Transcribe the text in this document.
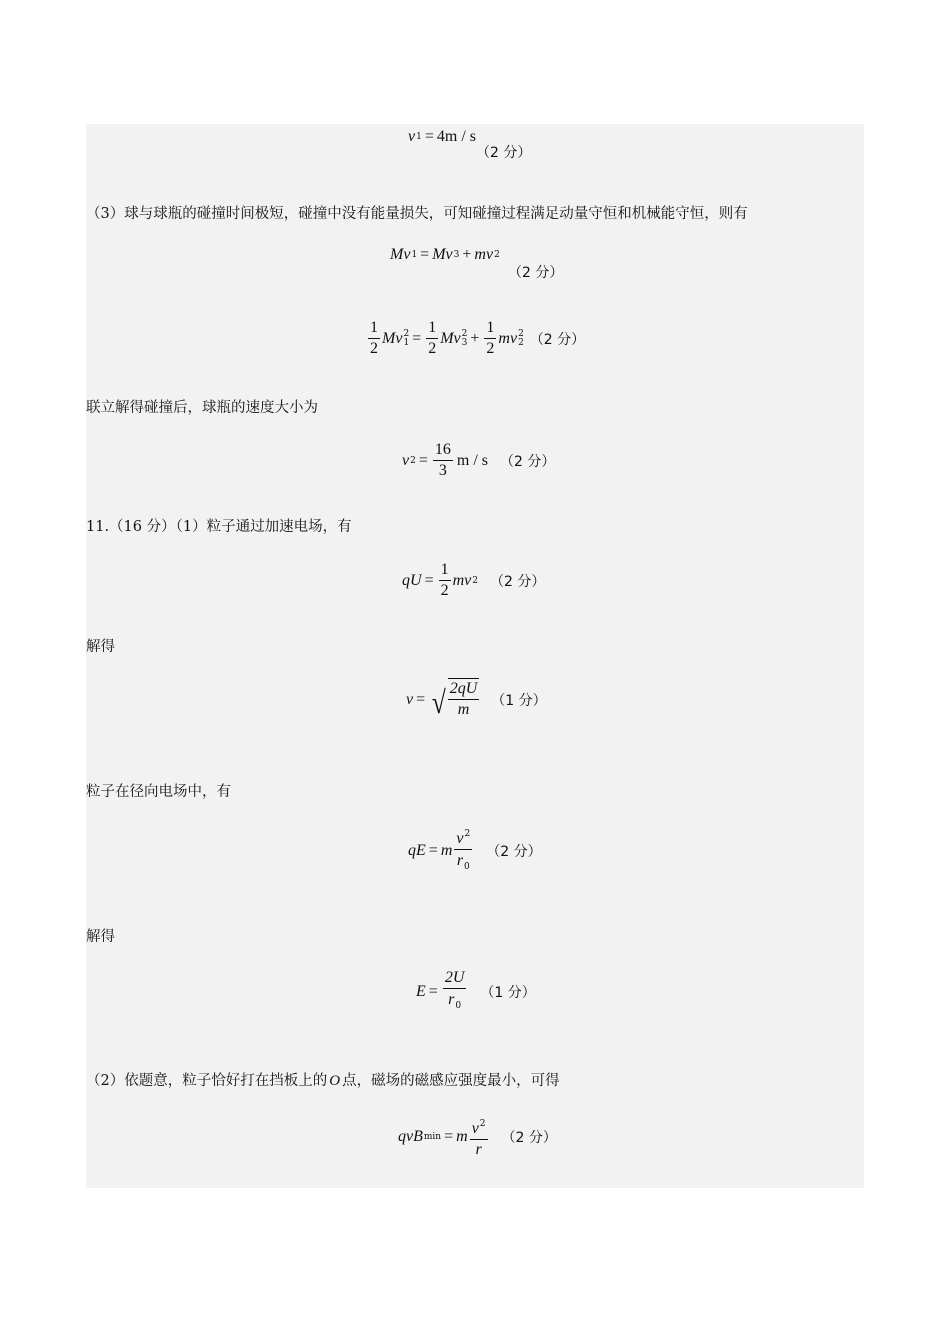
v 1 = 4m / s
（2 分）
（3）球与球瓶的碰撞时间极短，碰撞中没有能量损失，可知碰撞过程满足动量守恒和机械能守恒，则有
Mv 1 = Mv 3 + mv 2
（2 分）
$\frac{1}{2}$ Mv 2
$1 = \frac{1}{2}$ Mv 2
$3 + \frac{1}{2}$ mv 2
2 （2 分）
联立解得碰撞后，球瓶的速度大小为
v $2 = \frac{16}{3}$ m / s （2 分）
11.（16 分）（1）粒子通过加速电场，有
qU = $\frac{1}{2}$ mv 2 （2 分）
解得
v = √ $\frac{2qU}{m} (1$ 分）
粒子在径向电场中，有
qE = m $\frac{v^2}{r_0} (2$ 分）
解得
$E = \frac{2U}{r_0} (1$ 分）
（2）依题意，粒子恰好打在挡板上的 O 点，磁场的磁感应强度最小，可得
qvB min = m $\frac{v^2}{r} (2$ 分）
